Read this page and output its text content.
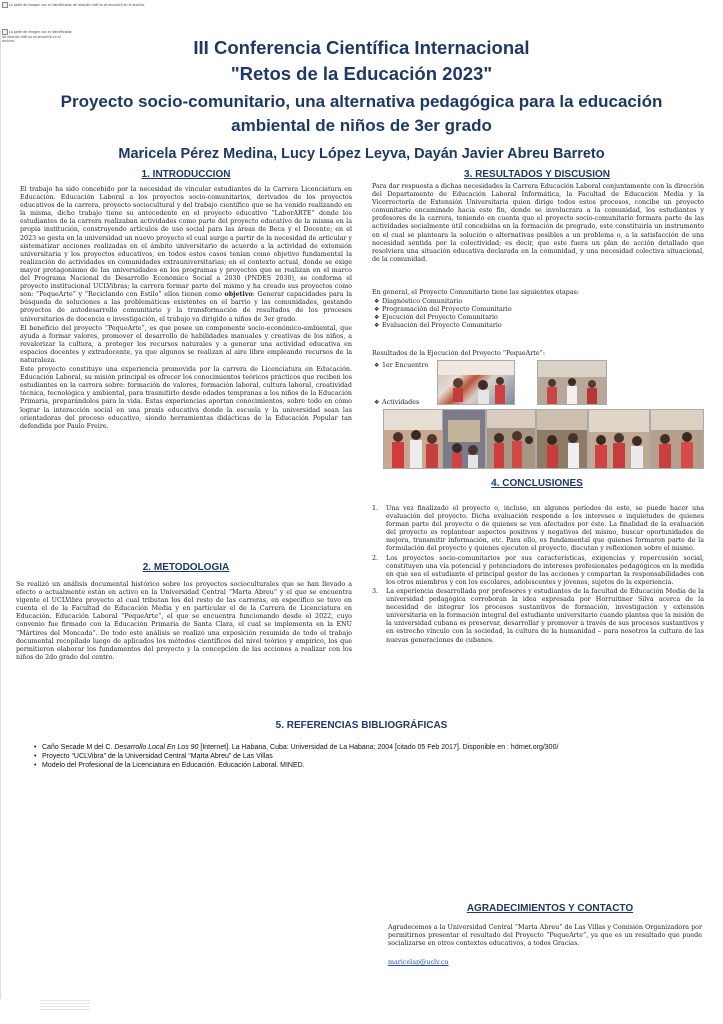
La parte de imagen con el identificador de relación rId6 no se encontró en el archivo.
La parte de imagen con el identificador de relación rId6 no se encontró en el archivo.	III Conferencia Científica Internacional
"Retos de la Educación 2023"
Proyecto socio-comunitario, una alternativa pedagógica para la educación ambiental de niños de 3er grado
Maricela Pérez Medina, Lucy López Leyva, Dayán Javier Abreu Barreto
1. INTRODUCCION

El trabajo ha sido concebido por la necesidad de vincular estudiantes de la Carrera Licenciatura en Educación. Educación Laboral a los proyectos socio-comunitarios, derivados de los proyectos educativos de la carrera, proyecto sociocultural y del trabajo científico que se ha venido realizando en la misma, dicho trabajo tiene su antecedente en el proyecto educativo “LaborARTE” donde los estudiantes de la carrera realizaban actividades como parte del proyecto educativo de la misma en la propia institución, construyendo artículos de uso social para las áreas de Beca y el Docente; en el 2023 se gesta en la universidad un nuevo proyecto el cual surge a partir de la necesidad de articular y sistematizar acciones realizadas en el ámbito universitario de acuerdo a la actividad de extensión universitaria y los proyectos educativos, en todos estos casos tenían como objetivo fundamental la realización de actividades en comunidades extrauniversitarias; en el contexto actual, donde se exige mayor protagonismo de las universidades en los programas y proyectos que se realizan en el marco del Programa Nacional de Desarrollo Económico Social a 2030 (PNDES 2030), se conforma el proyecto institucional UCLVibras; la carrera formar parte del mismo y ha creado sus proyectos como son: “PequeArte” y “Reciclando con Estilo” ellos tienen como objetivo: Generar capacidades para la búsqueda de soluciones a las problemáticas existentes en el barrio y las comunidades, gestando proyectos de autodesarrollo comunitario y la transformación de resultados de los procesos universitarios de docencia e investigación, el trabajo va dirigido a niños de 3er grado.

El beneficio del proyecto “PequeArte”, es que posee un componente socio-económico-ambiental, que ayuda a formar valores, promover el desarrollo de habilidades manuales y creativas de los niños, a revalorizar la cultura, a proteger los recursos naturales y a generar una actividad educativa en espacios docentes y extradocente, ya que algunos se realizan al aire libre empleando recursos de la naturaleza.

Este proyecto constituye una experiencia promovida por la carrera de Licenciatura en Educación. Educación Laboral, su misión principal es ofrecer los conocimientos teóricos prácticos que reciben los estudiantes en la carrera sobre: formación de valores, formación laboral, cultura laboral, creatividad técnica, tecnológica y ambiental, para trasmitirlo desde edades tempranas a los niños de la Educación Primaria, preparándolos para la vida. Estas experiencias aportan conocimientos, sobre todo en cómo lograr la interacción social en una praxis educativa donde la escuela y la universidad sean las orientadoras del proceso educativo, siendo herramientas didácticas de la Educación Popular tan defendida por Paulo Freire.

2. METODOLOGIA
Se realizó un análisis documental histórico sobre los proyectos socioculturales que se han llevado a efecto o actualmente están en activo en la Universidad Central “Marta Abreu” y el que se encuentra vigente el UCLVibra proyecto al cual tributan los del resto de las carreras, en específico se tuvo en cuenta el de la Facultad de Educación Media y en particular el de la Carrera de Licenciatura en Educación. Educación Laboral “PequeArte”, el que se encuentra funcionando desde el 2022, cuyo convenio fue firmado con la Educación Primaria de Santa Clara, el cual se implementa en la ENU “Mártires del Moncada”. De todo este análisis se realizó una exposición resumida de todo el trabajo documental recopilado luego de aplicados los métodos científicos del nivel teórico y empírico, los que permitieron elaborar los fundamentos del proyecto y la concepción de las acciones a realizar con los niños de 2do grado del centro.
3. RESULTADOS Y DISCUSION
Para dar respuesta a dichas necesidades la Carrera Educación Laboral conjuntamente con la dirección del Departamento de Educación Laboral Informática, la Facultad de Educación Media y la Vicerrectoría de Extensión Universitaria quien dirige todos estos procesos, concibe un proyecto comunitario encaminado hacia este fin, donde se involucrara a la comunidad, los estudiantes y profesores de la carrera, teniendo en cuenta que el proyecto socio-comunitario formara parte de las actividades socialmente útil concebidas en la formación de pregrado, este constituiría un instrumento en el cual se planteara la solución o alternativas posibles a un problema o, a la satisfacción de una necesidad sentida por la colectividad; es decir, que este fuera un plan de acción detallado que resolviera una situación educativa declarada en la comunidad, y una necesidad colectiva situacional, de la comunidad.
En general, el Proyecto Comunitario tiene las siguientes etapas:
❖ Diagnóstico Comunitario
❖ Programación del Proyecto Comunitario
❖ Ejecución del Proyecto Comunitario
❖ Evaluación del Proyecto Comunitario
Resultados de la Ejecución del Proyecto “PequeArte”:
❖ 1er Encuentro
❖ Actividades
4. CONCLUSIONES
1. Una vez finalizado el proyecto o, incluso, en algunos períodos de este, se puede hacer una evaluación del proyecto. Dicha evaluación responde a los intereses e inquietudes de quienes forman parte del proyecto o de quienes se ven afectados por éste. La finalidad de la evaluación del proyecto es replantear aspectos positivos y negativos del mismo, buscar oportunidades de mejora, transmitir información, etc. Para ello, es fundamental que quienes formaron parte de la formulación del proyecto y quienes ejecuten el proyecto, discutan y reflexionen sobre el mismo.
2. Los proyectos socio-comunitarios por sus características, exigencias y repercusión social, constituyen una vía potencial y potenciadora de intereses profesionales pedagógicos en la medida en que sea el estudiante el principal gestor de las acciones y compartan la responsabilidades con los otros miembros y con los escolares, adolescentes y jóvenes, sujetos de la experiencia.
3. La experiencia desarrollada por profesores y estudiantes de la facultad de Educación Media de la universidad pedagógica corroboran la idea expresada por Horruitiner Silva acerca de la necesidad de integrar los procesos sustantivos de formación, investigación y extensión universitaria en la formación integral del estudiante universitario cuando plantea que la misión de la universidad cubana es preservar, desarrollar y promover a través de sus procesos sustantivos y en estrecho vínculo con la sociedad, la cultura de la humanidad – para nosotros la cultura de las nuevas generaciones de cubanos.
5. REFERENCIAS BIBLIOGRÁFICAS
• Caño Secade M del C. Desarrollo Local En Los 90 [Internet]. La Habana, Cuba: Universidad de La Habana; 2004 [citado 05 Feb 2017]. Disponible en : hdrnet.org/300/
• Proyecto “UCLVibra” de la Universidad Central “Marta Abreu” de Las Villas
• Modelo del Profesional de la Licenciatura en Educación. Educación Laboral. MINED.
AGRADECIMIENTOS Y CONTACTO
Agradecemos a la Universidad Central “Marta Abreu” de Las Villas y Comisión Organizadora por permitirnos presentar el resultado del Proyecto “PequeArte”, ya que es un resultado que puede socializarse en otros contextos educativos, a todos Gracias.
maricelap@uclv.cu
